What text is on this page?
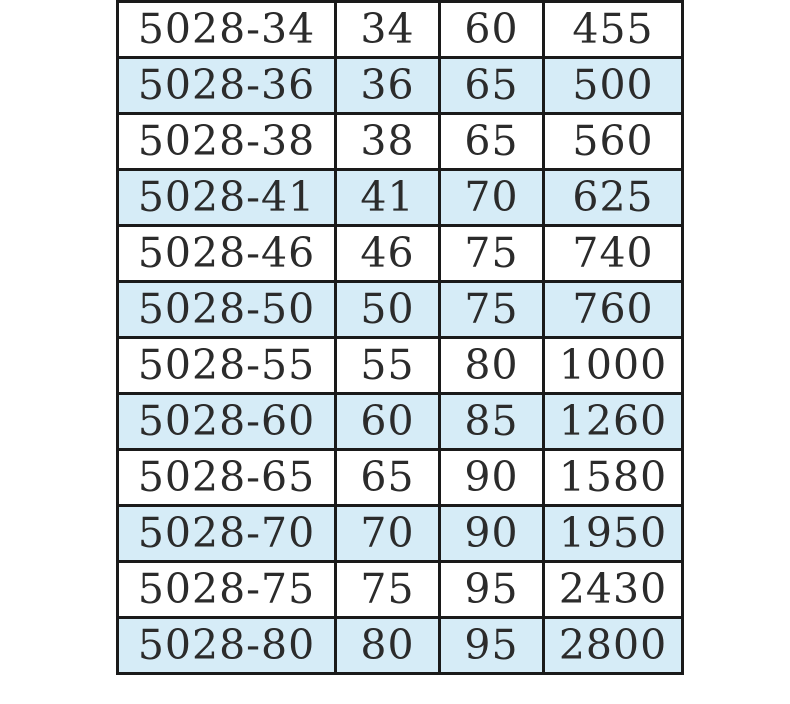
5028-34	34	60	455
5028-36	36	65	500
5028-38	38	65	560
5028-41	41	70	625
5028-46	46	75	740
5028-50	50	75	760
5028-55	55	80	1000
5028-60	60	85	1260
5028-65	65	90	1580
5028-70	70	90	1950
5028-75	75	95	2430
5028-80	80	95	2800
